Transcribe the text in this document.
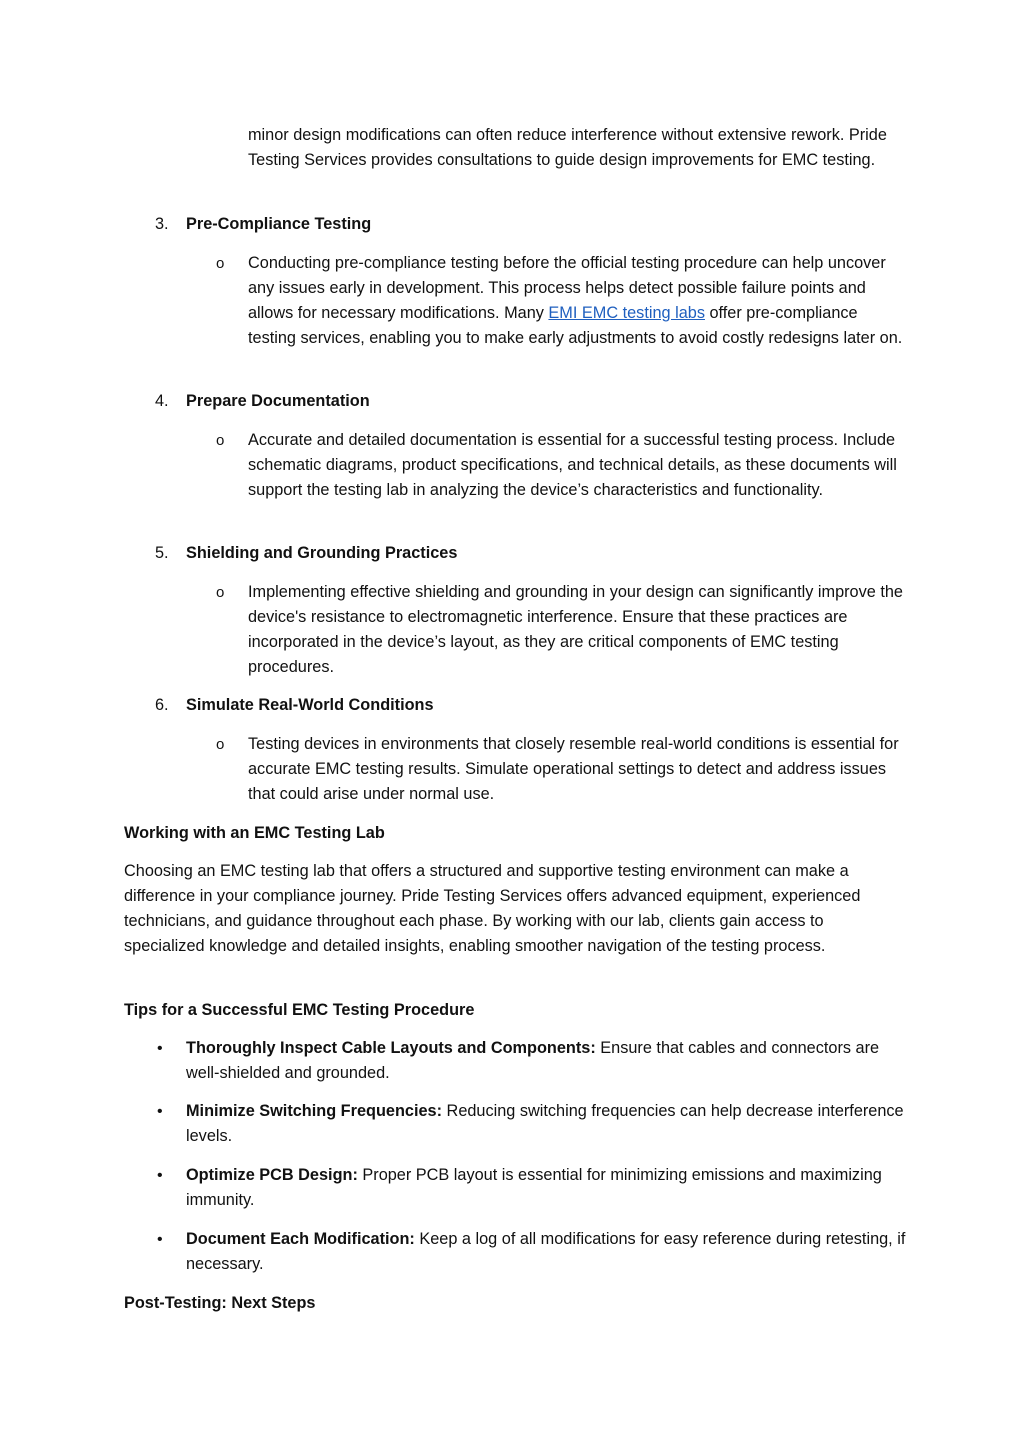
minor design modifications can often reduce interference without extensive rework. Pride Testing Services provides consultations to guide design improvements for EMC testing.
3.	Pre-Compliance Testing
o Conducting pre-compliance testing before the official testing procedure can help uncover any issues early in development. This process helps detect possible failure points and allows for necessary modifications. Many EMI EMC testing labs offer pre-compliance testing services, enabling you to make early adjustments to avoid costly redesigns later on.
4.	Prepare Documentation
o Accurate and detailed documentation is essential for a successful testing process. Include schematic diagrams, product specifications, and technical details, as these documents will support the testing lab in analyzing the device’s characteristics and functionality.
5.	Shielding and Grounding Practices
o Implementing effective shielding and grounding in your design can significantly improve the device's resistance to electromagnetic interference. Ensure that these practices are incorporated in the device’s layout, as they are critical components of EMC testing procedures.
6.	Simulate Real-World Conditions
o Testing devices in environments that closely resemble real-world conditions is essential for accurate EMC testing results. Simulate operational settings to detect and address issues that could arise under normal use.
Working with an EMC Testing Lab
Choosing an EMC testing lab that offers a structured and supportive testing environment can make a difference in your compliance journey. Pride Testing Services offers advanced equipment, experienced technicians, and guidance throughout each phase. By working with our lab, clients gain access to specialized knowledge and detailed insights, enabling smoother navigation of the testing process.
Tips for a Successful EMC Testing Procedure
• Thoroughly Inspect Cable Layouts and Components: Ensure that cables and connectors are well-shielded and grounded.
• Minimize Switching Frequencies: Reducing switching frequencies can help decrease interference levels.
• Optimize PCB Design: Proper PCB layout is essential for minimizing emissions and maximizing immunity.
• Document Each Modification: Keep a log of all modifications for easy reference during retesting, if necessary.
Post-Testing: Next Steps
